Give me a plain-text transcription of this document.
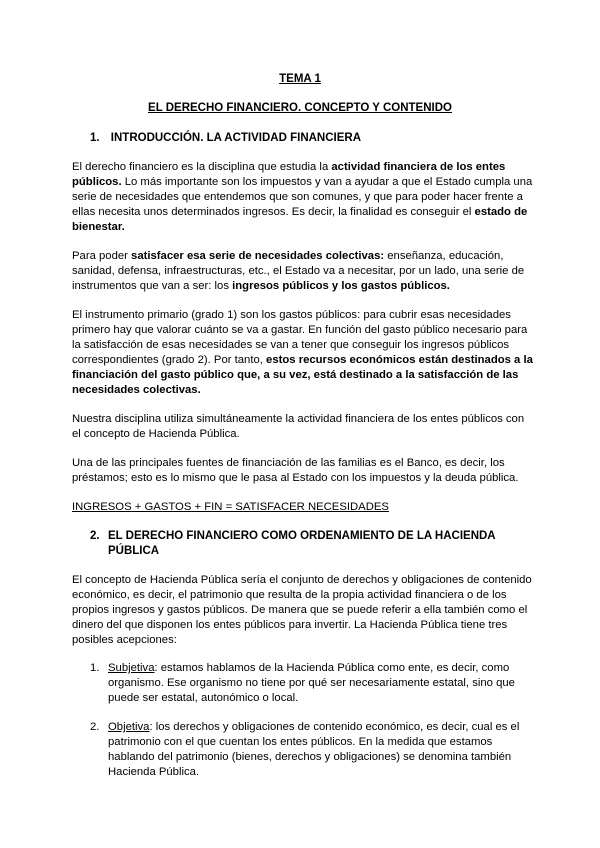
TEMA 1
EL DERECHO FINANCIERO. CONCEPTO Y CONTENIDO
1. INTRODUCCIÓN. LA ACTIVIDAD FINANCIERA
El derecho financiero es la disciplina que estudia la actividad financiera de los entes
públicos. Lo más importante son los impuestos y van a ayudar a que el Estado cumpla una
serie de necesidades que entendemos que son comunes, y que para poder hacer frente a
ellas necesita unos determinados ingresos. Es decir, la finalidad es conseguir el estado de
bienestar.
Para poder satisfacer esa serie de necesidades colectivas: enseñanza, educación,
sanidad, defensa, infraestructuras, etc., el Estado va a necesitar, por un lado, una serie de
instrumentos que van a ser: los ingresos públicos y los gastos públicos.
El instrumento primario (grado 1) son los gastos públicos: para cubrir esas necesidades
primero hay que valorar cuánto se va a gastar. En función del gasto público necesario para
la satisfacción de esas necesidades se van a tener que conseguir los ingresos públicos
correspondientes (grado 2). Por tanto, estos recursos económicos están destinados a la
financiación del gasto público que, a su vez, está destinado a la satisfacción de las
necesidades colectivas.
Nuestra disciplina utiliza simultáneamente la actividad financiera de los entes públicos con
el concepto de Hacienda Pública.
Una de las principales fuentes de financiación de las familias es el Banco, es decir, los
préstamos; esto es lo mismo que le pasa al Estado con los impuestos y la deuda pública.
INGRESOS + GASTOS + FIN = SATISFACER NECESIDADES
2. EL DERECHO FINANCIERO COMO ORDENAMIENTO DE LA HACIENDA
PÚBLICA
El concepto de Hacienda Pública sería el conjunto de derechos y obligaciones de contenido
económico, es decir, el patrimonio que resulta de la propia actividad financiera o de los
propios ingresos y gastos públicos. De manera que se puede referir a ella también como el
dinero del que disponen los entes públicos para invertir. La Hacienda Pública tiene tres
posibles acepciones:
1. Subjetiva: estamos hablamos de la Hacienda Pública como ente, es decir, como
organismo. Ese organismo no tiene por qué ser necesariamente estatal, sino que
puede ser estatal, autonómico o local.
2. Objetiva: los derechos y obligaciones de contenido económico, es decir, cual es el
patrimonio con el que cuentan los entes públicos. En la medida que estamos
hablando del patrimonio (bienes, derechos y obligaciones) se denomina también
Hacienda Pública.
